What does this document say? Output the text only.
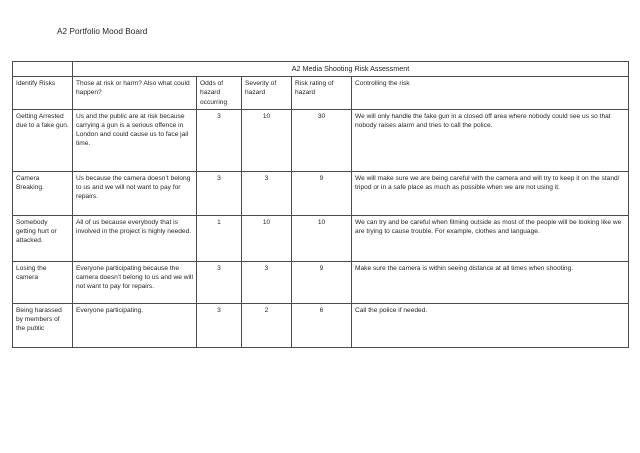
A2 Portfolio Mood Board
	A2 Media Shooting Risk Assessment				
Identify Risks	Those at risk or harm? Also what could happen?	Odds of hazard occurring	Severity of hazard	Risk rating of hazard	Controlling the risk
Getting Arrested due to a fake gun.	Us and the public are at risk because carrying a gun is a serious offence in London and could cause us to face jail time.	3	10	30	We will only handle the fake gun in a closed off area where nobody could see us so that nobody raises alarm and tries to call the police.
Camera Breaking.	Us because the camera doesn’t belong to us and we will not want to pay for repairs.	3	3	9	We will make sure we are being careful with the camera and will try to keep it on the stand/ tripod or in a safe place as much as possible when we are not using it.
Somebody getting hurt or attacked.	All of us because everybody that is involved in the project is highly needed.	1	10	10	We can try and be careful when filming outside as most of the people will be looking like we are trying to cause trouble. For example, clothes and language.
Losing the camera	Everyone participating because the camera doesn’t belong to us and we will not want to pay for repairs.	3	3	9	Make sure the camera is within seeing distance at all times when shooting.
Being harassed by members of the public	Everyone participating.	3	2	6	Call the police if needed.
